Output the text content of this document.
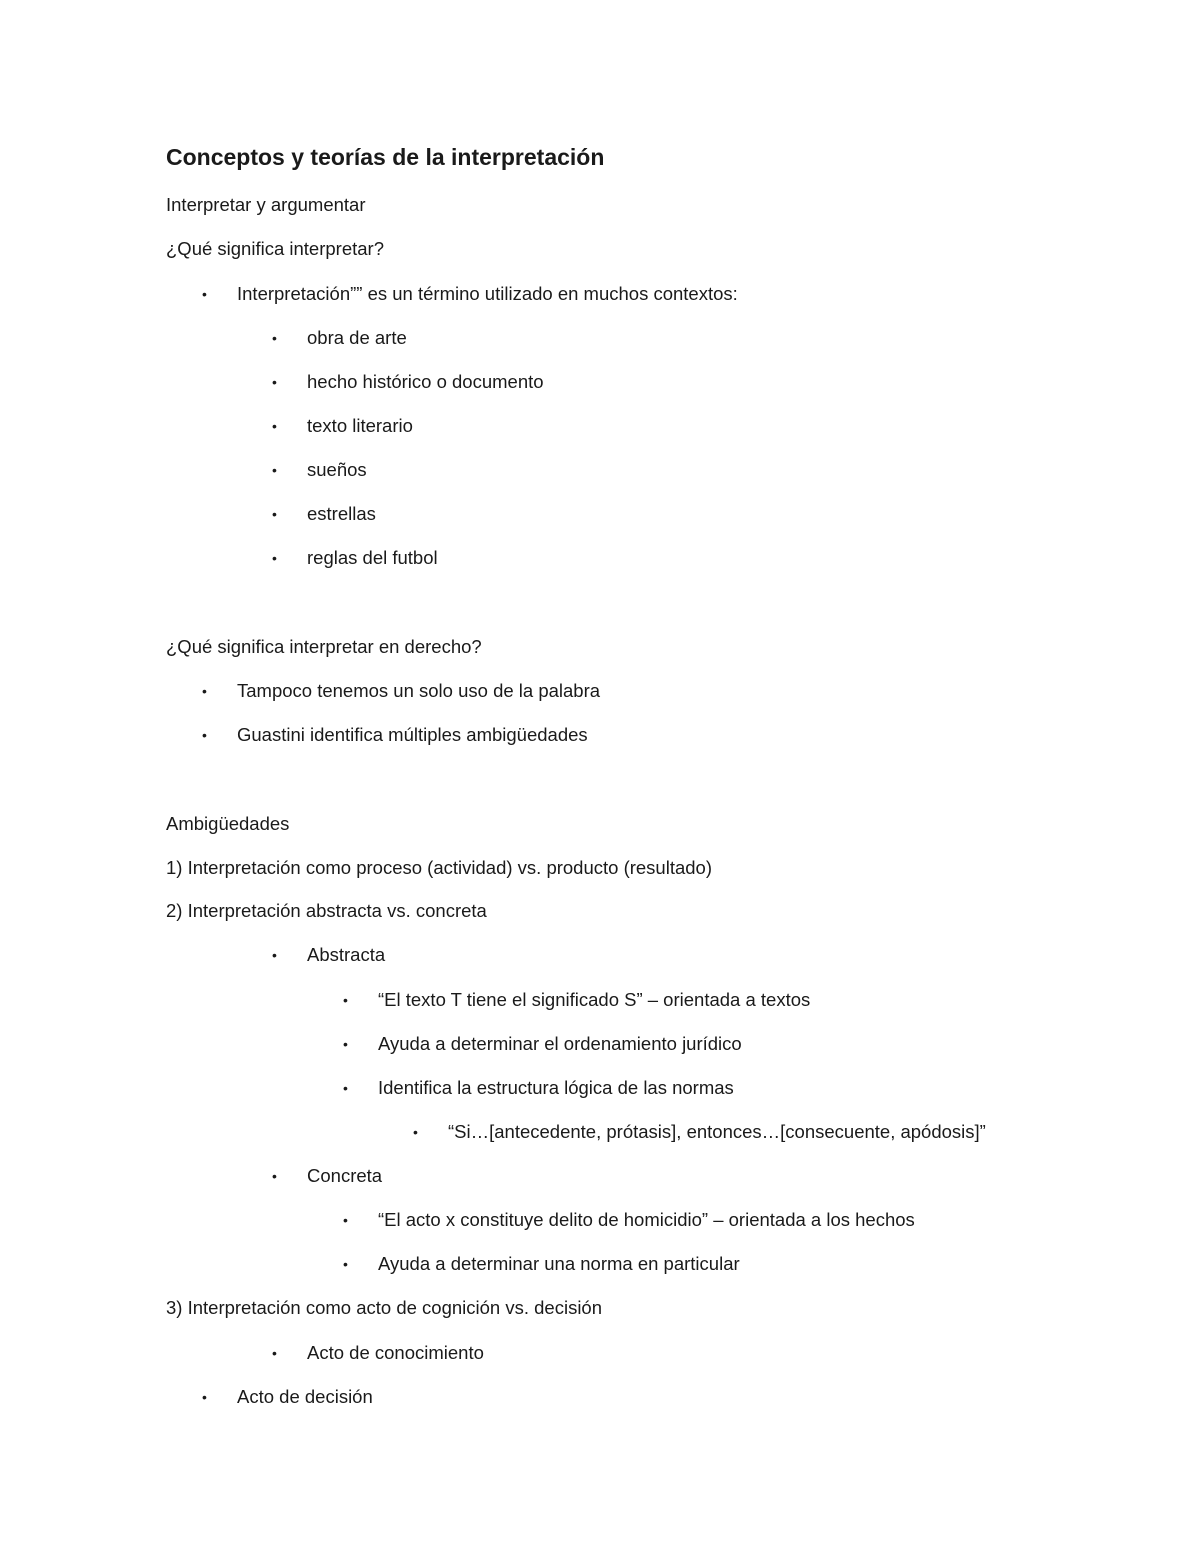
Conceptos y teorías de la interpretación
Interpretar y argumentar
¿Qué significa interpretar?
• Interpretación”” es un término utilizado en muchos contextos:
• obra de arte
• hecho histórico o documento
• texto literario
• sueños
• estrellas
• reglas del futbol
¿Qué significa interpretar en derecho?
• Tampoco tenemos un solo uso de la palabra
• Guastini identifica múltiples ambigüedades
Ambigüedades
1) Interpretación como proceso (actividad) vs. producto (resultado)
2) Interpretación abstracta vs. concreta
• Abstracta
• “El texto T tiene el significado S” – orientada a textos
• Ayuda a determinar el ordenamiento jurídico
• Identifica la estructura lógica de las normas
• “Si…[antecedente, prótasis], entonces…[consecuente, apódosis]”
• Concreta
• “El acto x constituye delito de homicidio” – orientada a los hechos
• Ayuda a determinar una norma en particular
3) Interpretación como acto de cognición vs. decisión
• Acto de conocimiento
• Acto de decisión
